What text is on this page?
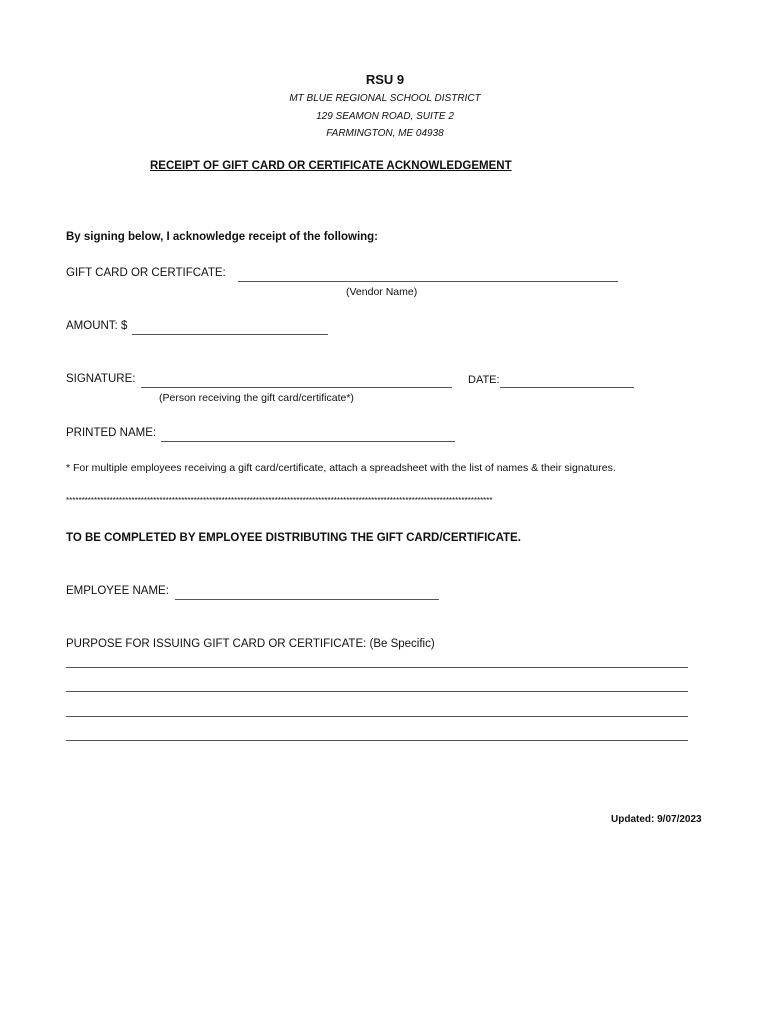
RSU 9
MT BLUE REGIONAL SCHOOL DISTRICT
129 SEAMON ROAD, SUITE 2
FARMINGTON, ME 04938
RECEIPT OF GIFT CARD OR CERTIFICATE ACKNOWLEDGEMENT
By signing below, I acknowledge receipt of the following:
GIFT CARD OR CERTIFCATE:
(Vendor Name)
AMOUNT: $
SIGNATURE:	DATE:
(Person receiving the gift card/certificate*)
PRINTED NAME:
* For multiple employees receiving a gift card/certificate, attach a spreadsheet with the list of names & their signatures.
*****************************************************************************************************************************************
TO BE COMPLETED BY EMPLOYEE DISTRIBUTING THE GIFT CARD/CERTIFICATE.
EMPLOYEE NAME:
PURPOSE FOR ISSUING GIFT CARD OR CERTIFICATE: (Be Specific)
Updated: 9/07/2023
